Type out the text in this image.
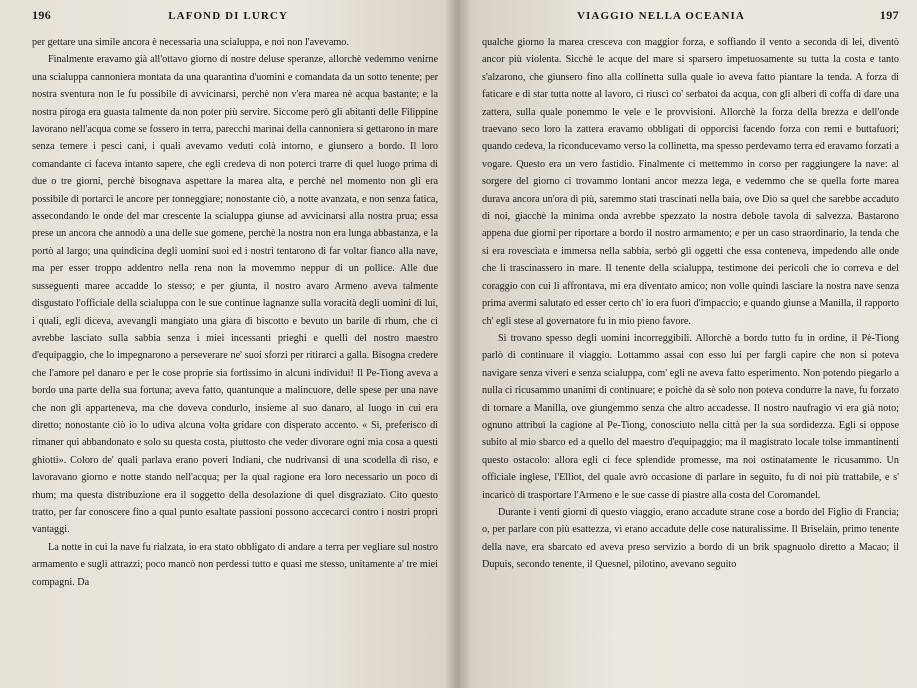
196	LAFOND DI LURCY

per gettare una simile ancora è necessaria una scialuppa, e noi non l'avevamo.

Finalmente eravamo già all'ottavo giorno di nostre deluse speranze, allorchè vedemmo venirne una scialuppa cannoniera montata da una quarantina d'uomini e comandata da un sotto tenente; per nostra sventura non le fu possibile di avvicinarsi, perchè non v'era marea nè acqua bastante; e la nostra piroga era guasta talmente da non poter più servire. Siccome però gli abitanti delle Filippine lavorano nell'acqua come se fossero in terra, parecchi marinai della cannoniera si gettarono in mare senza temere i pesci cani, i quali avevamo veduti colà intorno, e giunsero a bordo. Il loro comandante ci faceva intanto sapere, che egli credeva di non poterci trarre di quel luogo prima di due o tre giorni, perchè bisognava aspettare la marea alta, e perchè nel momento non gli era possibile di portarci le ancore per tonneggiare; nonostante ciò, a notte avanzata, e non senza fatica, assecondando le onde del mar crescente la scialuppa giunse ad avvicinarsi alla nostra prua; essa prese un ancora che annodò a una delle sue gomene, perchè la nostra non era lunga abbastanza, e la portò al largo; una quindicina degli uomini suoi ed i nostri tentarono di far voltar fianco alla nave, ma per esser troppo addentro nella rena non la movemmo neppur di un pollice. Alle due susseguenti maree accadde lo stesso; e per giunta, il nostro avaro Armeno aveva talmente disgustato l'officiale della scialuppa con le sue continue lagnanze sulla voracità degli uomini di lui, i quali, egli diceva, avevangli mangiato una giara di biscotto e bevuto un barile di rhum, che ci avrebbe lasciato sulla sabbia senza i miei incessanti prieghi e quelli del nostro maestro d'equipaggio, che lo impegnarono a perseverare ne' suoi sforzi per ritirarci a galla. Bisogna credere che l'amore pel danaro e per le cose proprie sia fortissimo in alcuni individui! Il Pe-Tiong aveva a bordo una parte della sua fortuna; aveva fatto, quantunque a malincuore, delle spese per una nave che non gli apparteneva, ma che doveva condurlo, insieme al suo danaro, al luogo in cui era diretto; nonostante ciò io lo udiva alcuna volta gridare con disperato accento. « Sì, preferisco di rimaner qui abbandonato e solo su questa costa, piuttosto che veder divorare ogni mia cosa a questi ghiotti». Coloro de' quali parlava erano poveri Indiani, che nudrivansi di una scodella di riso, e lavoravano giorno e notte stando nell'acqua; per la qual ragione era loro necessario un poco di rhum; ma questa distribuzione era il soggetto della desolazione di quel disgraziato. Cito questo tratto, per far conoscere fino a qual punto esaltate passioni possono accecarci contro i nostri propri vantaggi.

La notte in cui la nave fu rialzata, io era stato obbligato di andare a terra per vegliare sul nostro armamento e sugli attrazzi; poco mancò non perdessi tutto e quasi me stesso, unitamente a' tre miei compagni. Da

VIAGGIO NELLA OCEANIA	197

qualche giorno la marea cresceva con maggior forza, e soffiando il vento a seconda di lei, diventò ancor più violenta. Sicchè le acque del mare si sparsero impetuosamente su tutta la costa e tanto s'alzarono, che giunsero fino alla collinetta sulla quale io aveva fatto piantare la tenda. A forza di faticare e di star tutta notte al lavoro, ci riuscì co' serbatoi da acqua, con gli alberi di coffa di dare una zattera, sulla quale ponemmo le vele e le provvisioni. Allorchè la forza della brezza e dell'onde traevano seco loro la zattera eravamo obbligati di opporcisi facendo forza con remi e buttafuori; quando cedeva, la riconducevamo verso la collinetta, ma spesso perdevamo terra ed eravamo forzati a vogare. Questo era un vero fastidio. Finalmente ci mettemmo in corso per raggiungere la nave: al sorgere del giorno ci trovammo lontani ancor mezza lega, e vedemmo che se quella forte marea durava ancora un'ora di più, saremmo stati trascinati nella baia, ove Dio sa quel che sarebbe accaduto di noi, giacchè la minima onda avrebbe spezzato la nostra debole tavola di salvezza. Bastarono appena due giorni per riportare a bordo il nostro armamento; e per un caso straordinario, la tenda che si era rovesciata e immersa nella sabbia, serbò gli oggetti che essa conteneva, impedendo alle onde che li trascinassero in mare. Il tenente della scialuppa, testimone dei pericoli che io correva e del coraggio con cui li affrontava, mi era diventato amico; non volle quindi lasciare la nostra nave senza prima avermi salutato ed esser certo ch' io era fuori d'impaccio; e quando giunse a Manilla, il rapporto ch' egli stese al governatore fu in mio pieno favore.

Si trovano spesso degli uomini incorreggibili. Allorchè a bordo tutto fu in ordine, il Pè-Tiong parlò di continuare il viaggio. Lottammo assai con esso lui per fargli capire che non si poteva navigare senza viveri e senza scialuppa, com' egli ne aveva fatto esperimento. Non potendo piegarlo a nulla ci ricusammo unanimi di continuare; e poichè da sè solo non poteva condurre la nave, fu forzato di tornare a Manilla, ove giungemmo senza che altro accadesse. Il nostro naufragio vi era già noto; ognuno attribuì la cagione al Pe-Tiong, conosciuto nella città per la sua sordidezza. Egli si oppose subito al mio sbarco ed a quello del maestro d'equipaggio; ma il magistrato locale tolse immantinenti questo ostacolo: allora egli ci fece splendide promesse, ma noi ostinatamente le ricusammo. Un officiale inglese, l'Elliot, del quale avrò occasione di parlare in seguito, fu di noi più trattabile, e s' incaricò di trasportare l'Armeno e le sue casse di piastre alla costa del Coromandel.

Durante i venti giorni di questo viaggio, erano accadute strane cose a bordo del Figlio di Francia; o, per parlare con più esattezza, vi erano accadute delle cose naturalissime. Il Briselain, primo tenente della nave, era sbarcato ed aveva preso servizio a bordo di un brik spagnuolo diretto a Macao; il Dupuis, secondo tenente, il Quesnel, pilotino, avevano seguito
